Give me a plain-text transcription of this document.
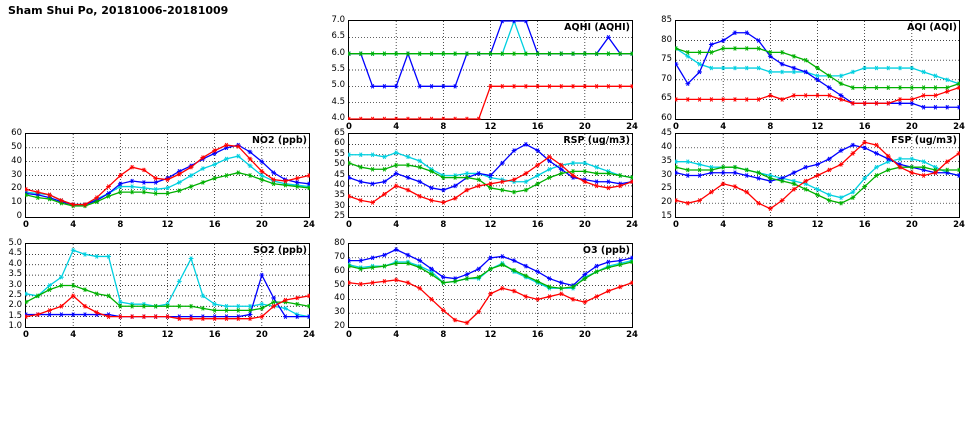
Sham Shui Po, 20181006-20181009
AQHI (AQHI)
4.0
4.5
5.0
5.5
6.0
6.5
7.0
0	4	8	12	16	20	24
AQI (AQI)
60
65
70
75
80
85
0	4	8	12	16	20	24
NO2 (ppb)
0
10
20
30
40
50
60
0	4	8	12	16	20	24
RSP (ug/m3)
25
30
35
40
45
50
55
60
65
0	4	8	12	16	20	24
FSP (ug/m3)
15
20
25
30
35
40
45
0	4	8	12	16	20	24
SO2 (ppb)
1.0
1.5
2.0
2.5
3.0
3.5
4.0
4.5
5.0
0	4	8	12	16	20	24
O3 (ppb)
20
30
40
50
60
70
80
0	4	8	12	16	20	24
